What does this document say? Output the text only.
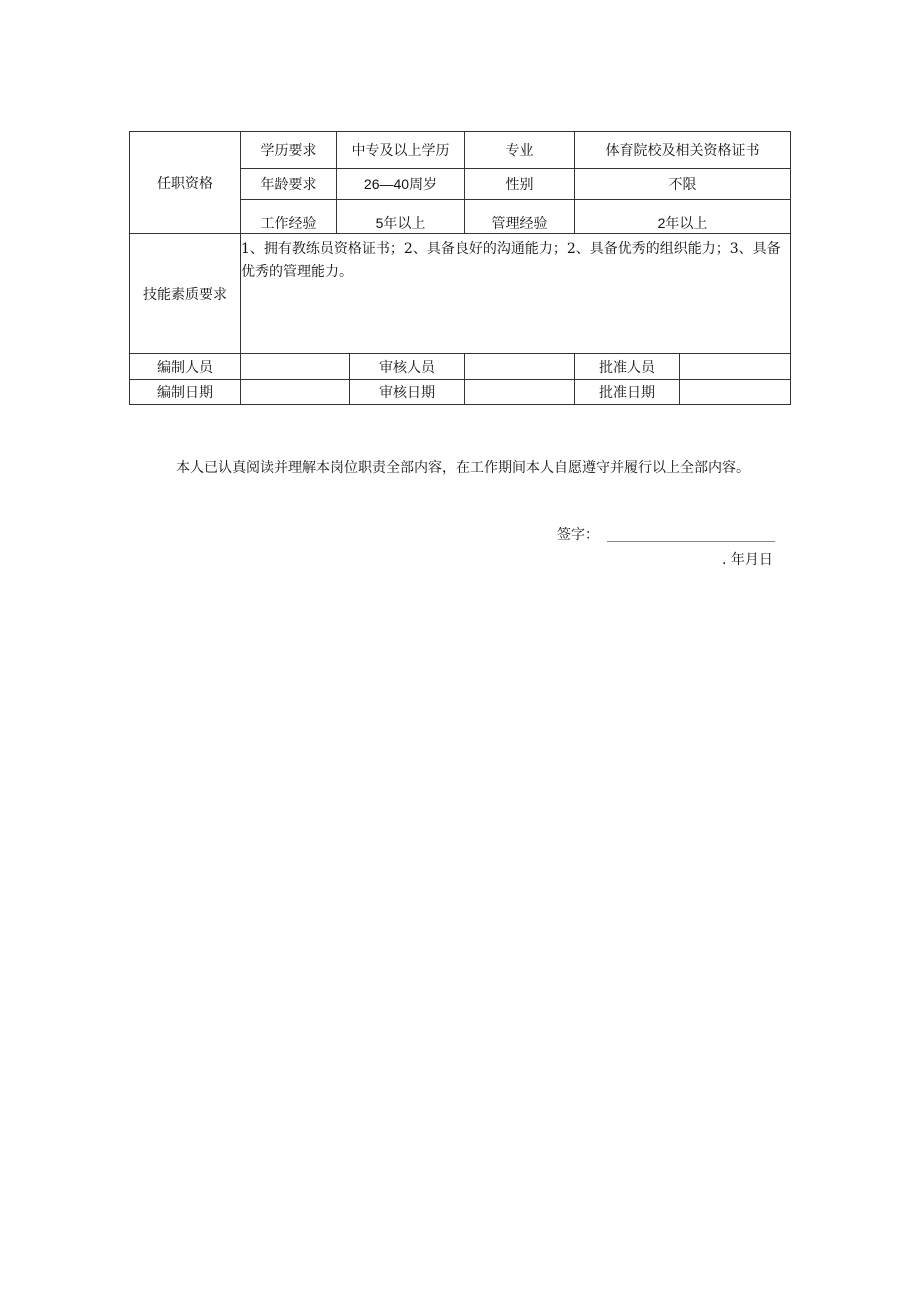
任职资格
学历要求	中专及以上学历	专业	体育院校及相关资格证书
年龄要求	26—40周岁	性别	不限
工作经验	5年以上	管理经验	2年以上
技能素质要求
1、拥有教练员资格证书；2、具备良好的沟通能力；2、具备优秀的组织能力；3、具备优秀的管理能力。
编制人员	审核人员	批准人员
编制日期	审核日期	批准日期
本人已认真阅读并理解本岗位职责全部内容，在工作期间本人自愿遵守并履行以上全部内容。
签字：
. 年月日
